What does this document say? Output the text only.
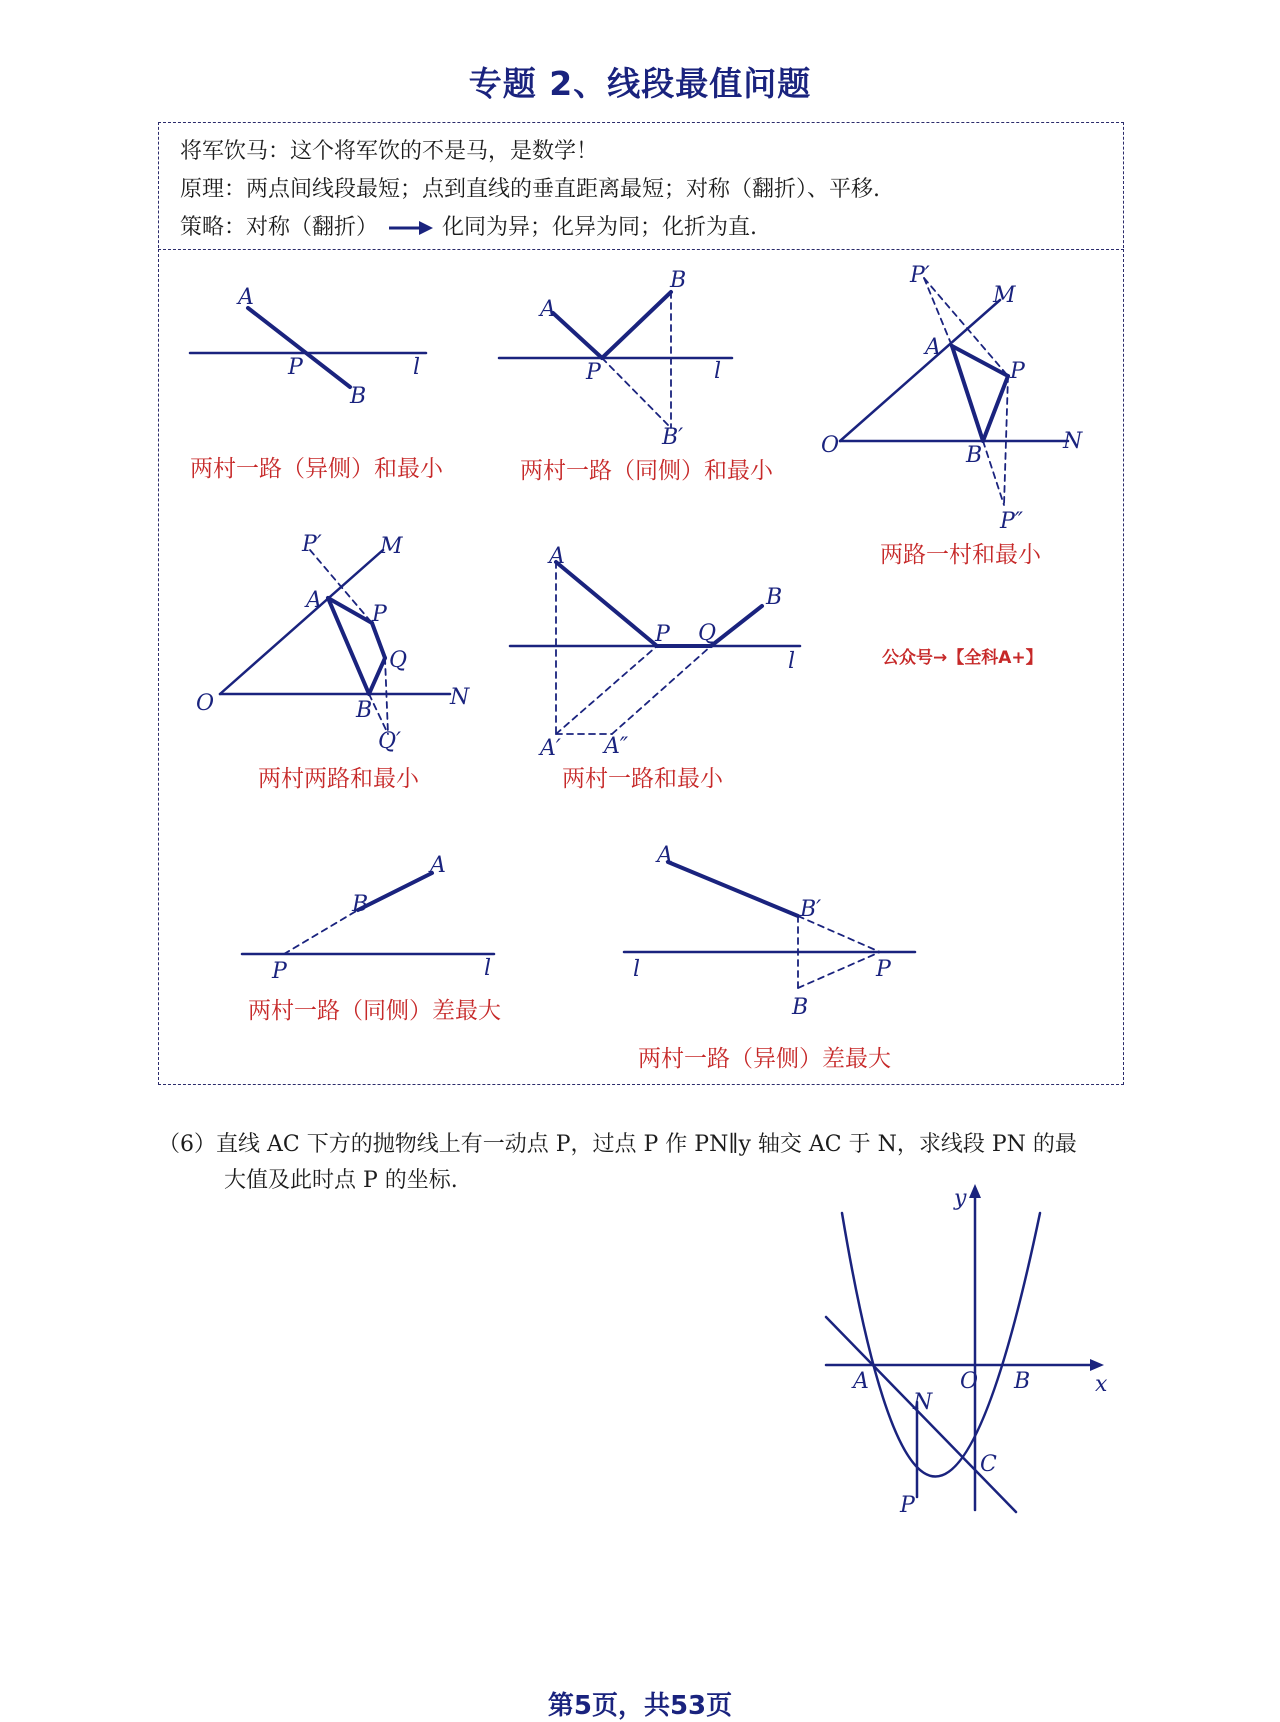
专题 2、线段最值问题
将军饮马：这个将军饮的不是马，是数学！
原理：两点间线段最短；点到直线的垂直距离最短；对称（翻折）、平移.
策略：对称（翻折）	化同为异；化异为同；化折为直.
A
P
B
l
A
B
P	l
B′
P′
M
A
P
O	B
N
P″
P′	M
A
P
Q
O	B
N
Q′
A
B
P Q
l
A′ A″
A
B
P	l
A
B′
l	P
B
y
x
A	O B
N
C
P
两村一路（异侧）和最小	两村一路（同侧）和最小
两路一村和最小
两村两路和最小	两村一路和最小
两村一路（同侧）差最大
两村一路（异侧）差最大
公众号→【全科A+】
（6）直线 AC 下方的抛物线上有一动点 P，过点 P 作 PN∥y 轴交 AC 于 N，求线段 PN 的最
大值及此时点 P 的坐标.
第5页，共53页
